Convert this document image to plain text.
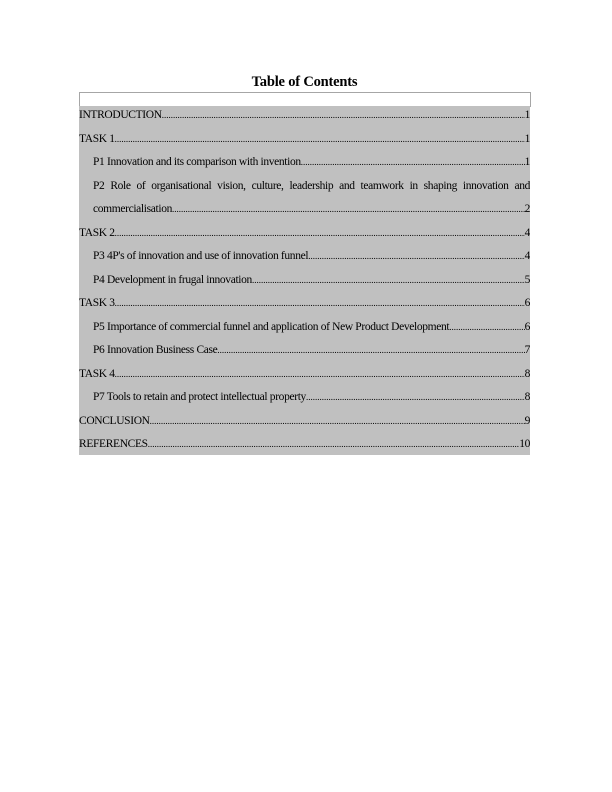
Table of Contents
INTRODUCTION .....	1
TASK 1 .....	1
P1 Innovation and its comparison with invention .....	1
P2 Role of organisational vision, culture, leadership and teamwork in shaping innovation and
commercialisation .....	2
TASK 2 .....	4
P3 4P's of innovation and use of innovation funnel .....	4
P4 Development in frugal innovation .....	5
TASK 3 .....	6
P5 Importance of commercial funnel and application of New Product Development .....	6
P6 Innovation Business Case .....	7
TASK 4 .....	8
P7 Tools to retain and protect intellectual property .....	8
CONCLUSION .....	9
REFERENCES .....	10
